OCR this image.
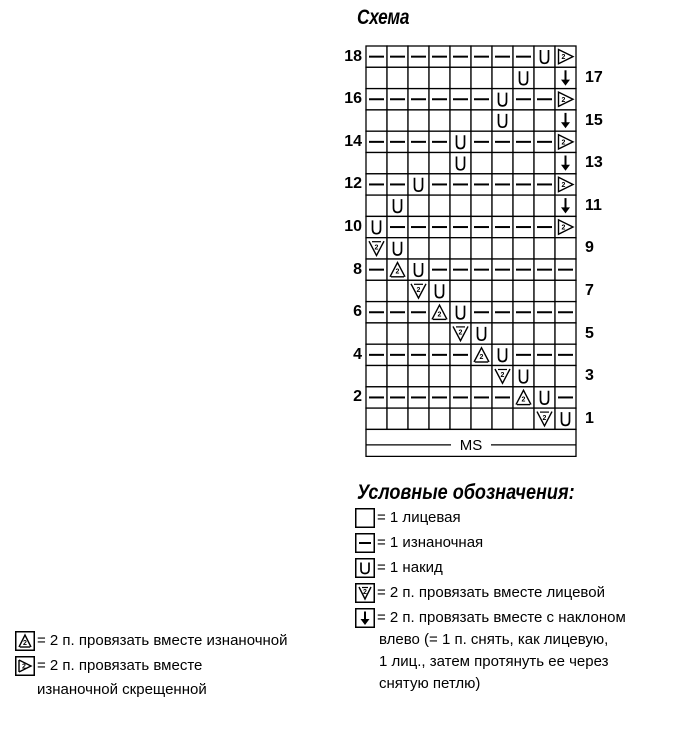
Схема
2
2
2
2
2
2
2
2
2
2
2
2
2
2
MS
18
16
14
12
10
8
6
4
2
17
15
13
11
9
7
5
3
1
Условные обозначения:
= 1 лицевая
= 1 изнаночная
= 1 накид
2 = 2 п. провязать вместе лицевой
= 2 п. провязать вместе с наклоном
влево (= 1 п. снять, как лицевую,
1 лиц., затем протянуть ее через
снятую петлю)
2 = 2 п. провязать вместе изнаночной
2 = 2 п. провязать вместе
изнаночной скрещенной
